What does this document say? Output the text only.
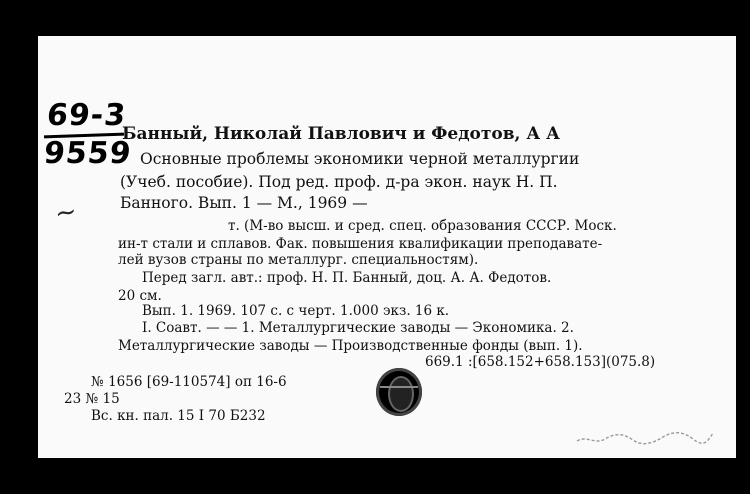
69-3
9559
~
Банный, Николай Павлович и Федотов, А А
Основные проблемы экономики черной металлургии
(Учеб. пособие). Под ред. проф. д-ра экон. наук Н. П.
Банного. Вып. 1 — М., 1969 —
т. (М-во высш. и сред. спец. образования СССР. Моск.
ин-т стали и сплавов. Фак. повышения квалификации преподавате-
лей вузов страны по металлург. специальностям).
Перед загл. авт.: проф. Н. П. Банный, доц. А. А. Федотов.
20 см.
Вып. 1. 1969. 107 с. с черт. 1.000 экз. 16 к.
I. Соавт. — — 1. Металлургические заводы — Экономика. 2.
Металлургические заводы — Производственные фонды (вып. 1).
669.1 :[658.152+658.153](075.8)
№ 1656 [69-110574] оп 16-6
23 № 15
Вс. кн. пал. 15 I 70 Б232
